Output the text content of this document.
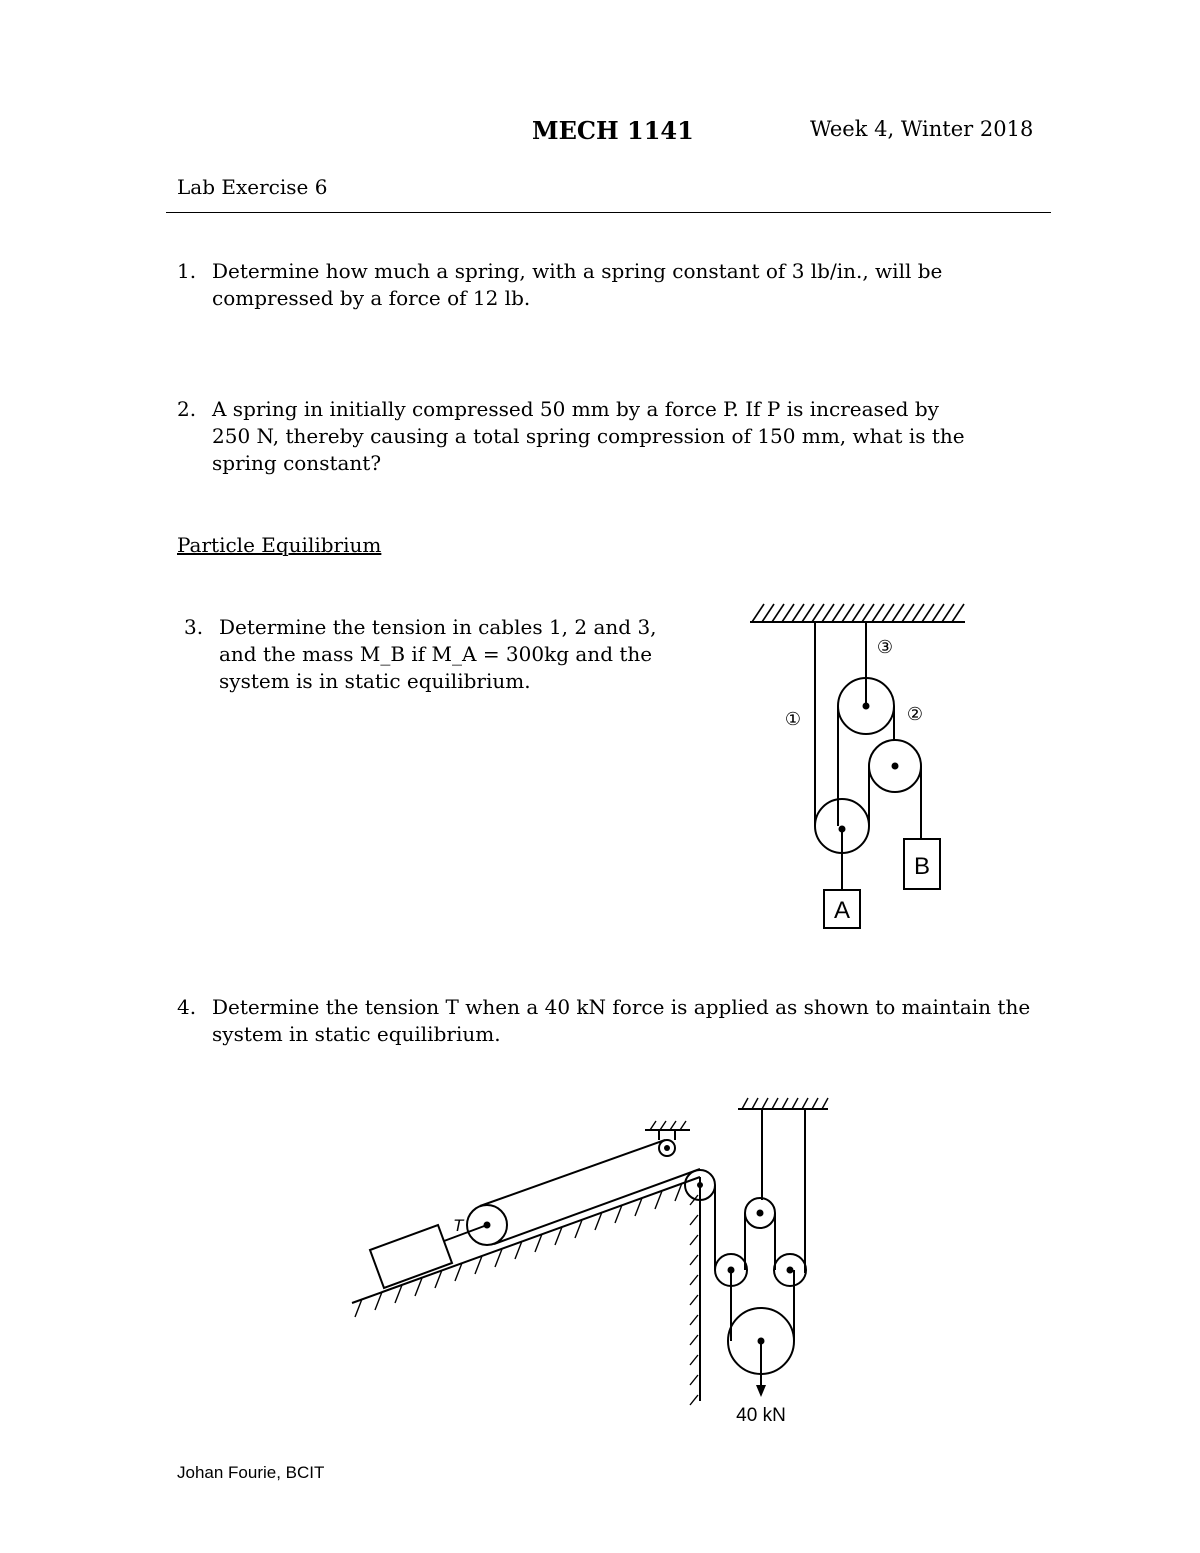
MECH 1141	Week 4, Winter 2018
Lab Exercise 6
1. Determine how much a spring, with a spring constant of 3 lb/in., will be compressed by a force of 12 lb.
2. A spring in initially compressed 50 mm by a force P. If P is increased by 250 N, thereby causing a total spring compression of 150 mm, what is the spring constant?
Particle Equilibrium
3. Determine the tension in cables 1, 2 and 3, and the mass M_B if M_A = 300kg and the system is in static equilibrium.
①	②
③
B
A
4. Determine the tension T when a 40 kN force is applied as shown to maintain the system in static equilibrium.
T
40 kN
Johan Fourie, BCIT
